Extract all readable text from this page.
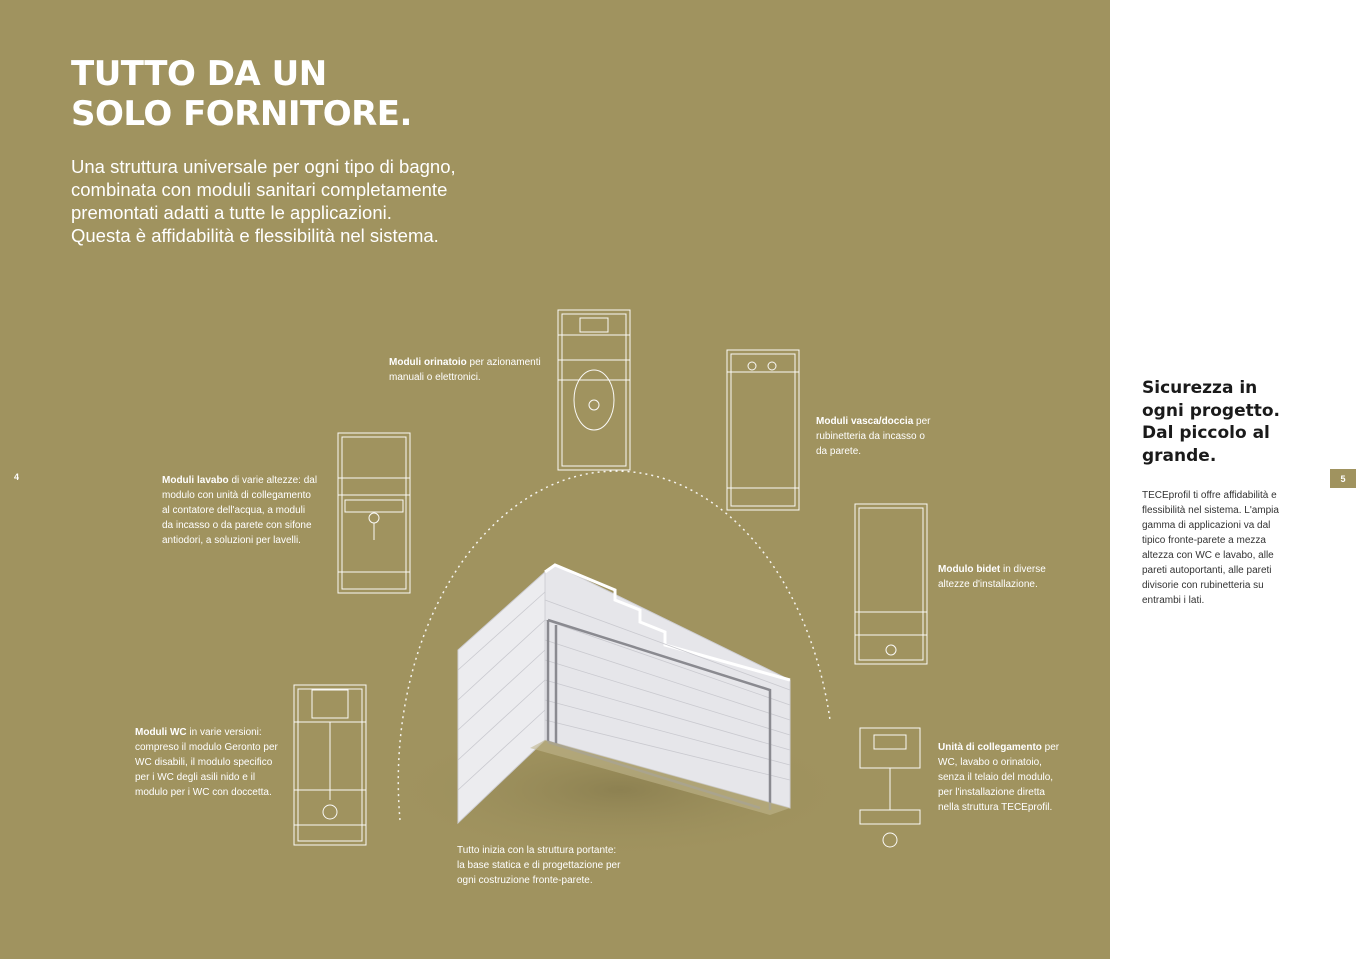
TUTTO DA UN
SOLO FORNITORE.

Una struttura universale per ogni tipo di bagno,
combinata con moduli sanitari completamente
premontati adatti a tutte le applicazioni.
Questa è affidabilità e flessibilità nel sistema.

Moduli orinatoio per azionamenti
manuali o elettronici.

Moduli vasca/doccia per
rubinetteria da incasso o
da parete.

Moduli lavabo di varie altezze: dal
modulo con unità di collegamento
al contatore dell'acqua, a moduli
da incasso o da parete con sifone
antiodori, a soluzioni per lavelli.

Modulo bidet in diverse
altezze d'installazione.

Moduli WC in varie versioni:
compreso il modulo Geronto per
WC disabili, il modulo specifico
per i WC degli asili nido e il
modulo per i WC con doccetta.

Unità di collegamento per
WC, lavabo o orinatoio,
senza il telaio del modulo,
per l'installazione diretta
nella struttura TECEprofil.

Tutto inizia con la struttura portante:
la base statica e di progettazione per
ogni costruzione fronte-parete.

4
Sicurezza in
ogni progetto.
Dal piccolo al
grande.

TECEprofil ti offre affidabilità e
flessibilità nel sistema. L'ampia
gamma di applicazioni va dal
tipico fronte-parete a mezza
altezza con WC e lavabo, alle
pareti autoportanti, alle pareti
divisorie con rubinetteria su
entrambi i lati.

5
